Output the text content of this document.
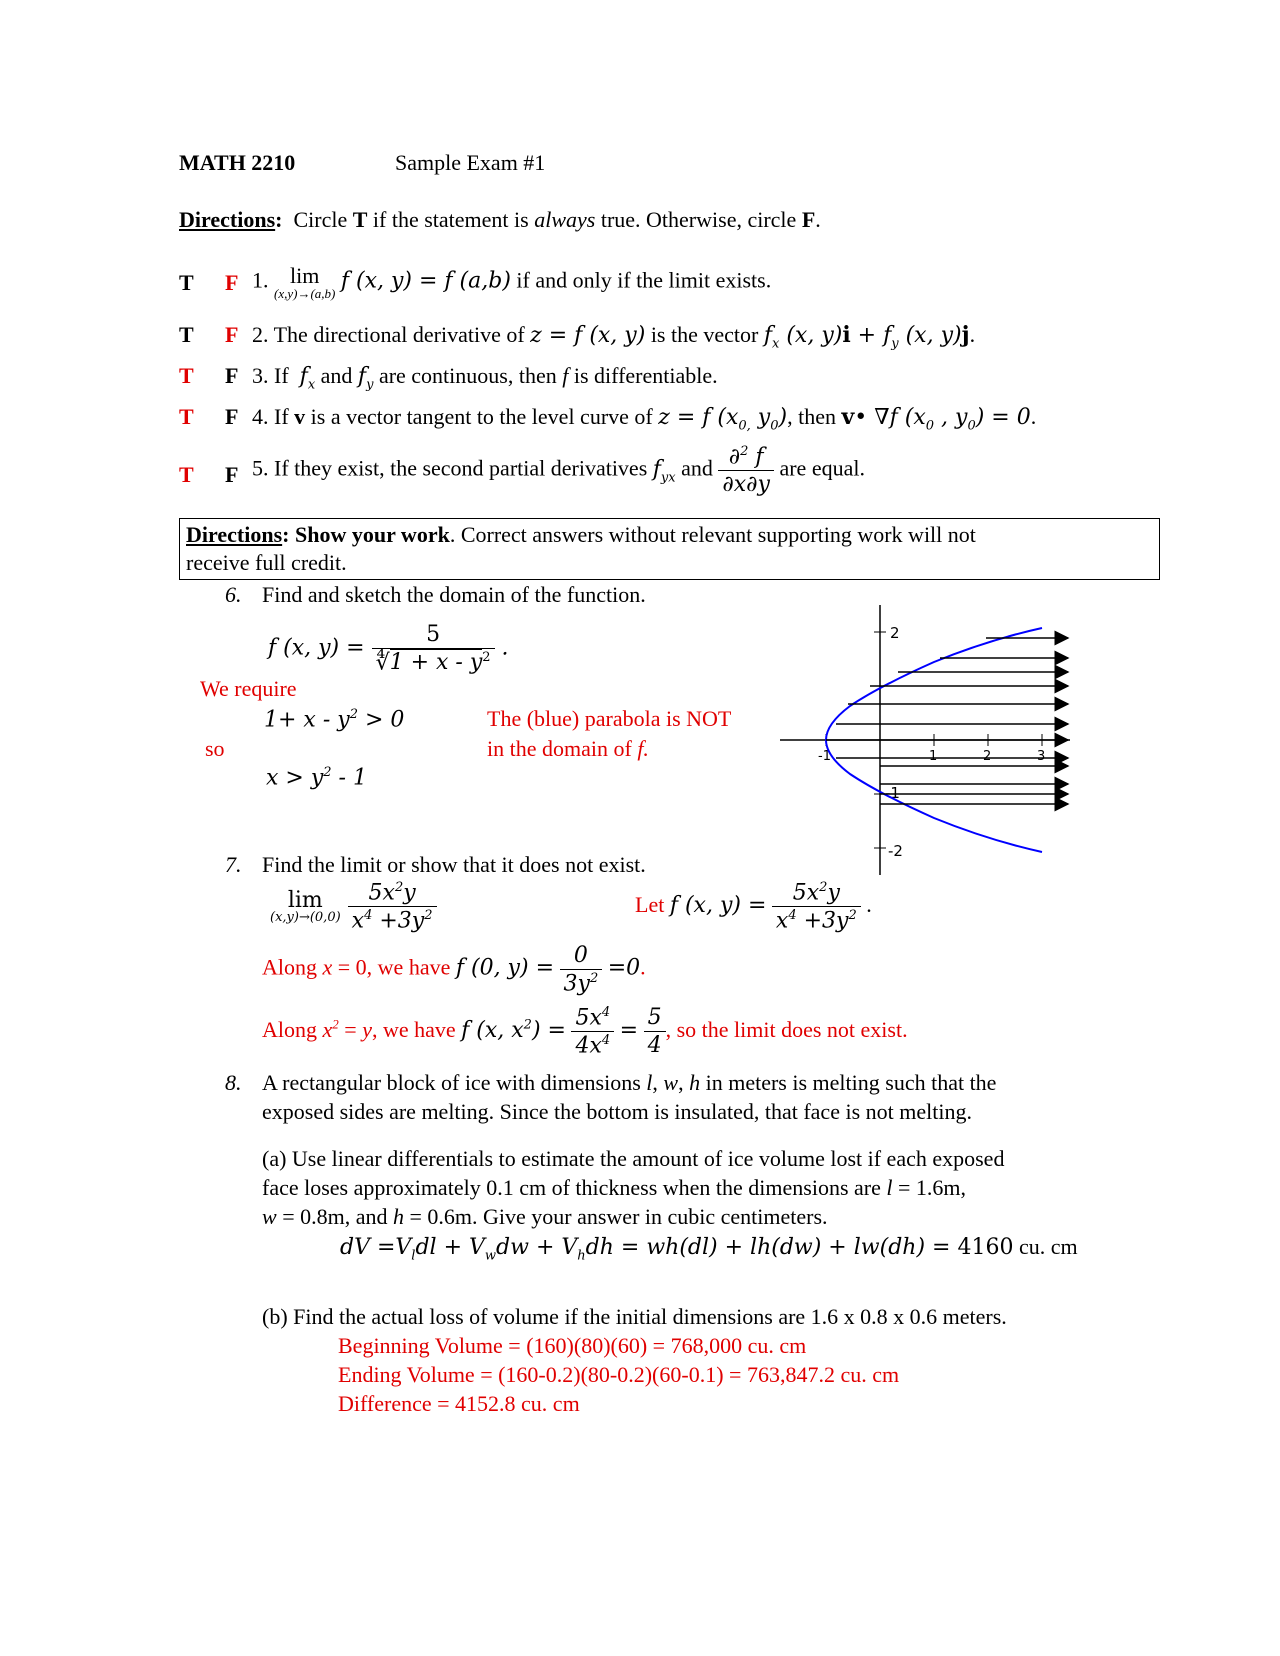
MATH 2210	Sample Exam #1
Directions: Circle T if the statement is always true. Otherwise, circle F.
T F 1. lim
(x,y)→(a,b) f (x, y) = f (a,b) if and only if the limit exists.
T F 2. The directional derivative of z = f (x, y) is the vector $f_x$ (x, $y)i + f_y$ (x, y)j.
T F 3. If $f_x$ and $f_y$ are continuous, then f is differentiable.
T F 4. If v is a vector tangent to the level curve of z = f ($x_{0,}$ $y_0$), then v• ∇f ($x_0$ , $y_0) = 0$.
T F 5. If they exist, the second partial derivatives $f_{yx}$ and $\frac{\partial^2 f}{\partial x\partial y}$ are equal.
Directions: Show your work. Correct answers without relevant supporting work will not
receive full credit.
6. Find and sketch the domain of the function.
f (x, $y) = \frac{5}{∜1 + x - y^2}$ .
We require
$1+ x - y^2 > 0$
so
$x > y^2 - 1$
The (blue) parabola is NOT
in the domain of f.
2
-2
-1
-1	1	2	3
7. Find the limit or show that it does not exist.
lim
(x,y)→(0,0)
$\frac{5x^2y}{x^4 +3y^2}$	Let f (x, $y) = \frac{5x^2y}{x^4 +3y^2}$ .
Along x = 0, we have f (0, $y) = \frac{0}{3y^2} =0$.
Along $x^2 = y$, we have f (x, $x^2) = \frac{5x^4}{4x^4} = \frac{5}{4}$ , so the limit does not exist.
8. A rectangular block of ice with dimensions l, w, h in meters is melting such that the
exposed sides are melting. Since the bottom is insulated, that face is not melting.
(a) Use linear differentials to estimate the amount of ice volume lost if each exposed
face loses approximately 0.1 cm of thickness when the dimensions are l = 1.6m,
w = 0.8m, and h = 0.6m. Give your answer in cubic centimeters.
dV $=V_ldl + V_wdw + V_hdh = wh(dl) + lh(dw) + lw(dh) = 4160$ cu. cm
(b) Find the actual loss of volume if the initial dimensions are 1.6 x 0.8 x 0.6 meters.
Beginning Volume = (160)(80)(60) = 768,000 cu. cm
Ending Volume = (160-0.2)(80-0.2)(60-0.1) = 763,847.2 cu. cm
Difference = 4152.8 cu. cm
